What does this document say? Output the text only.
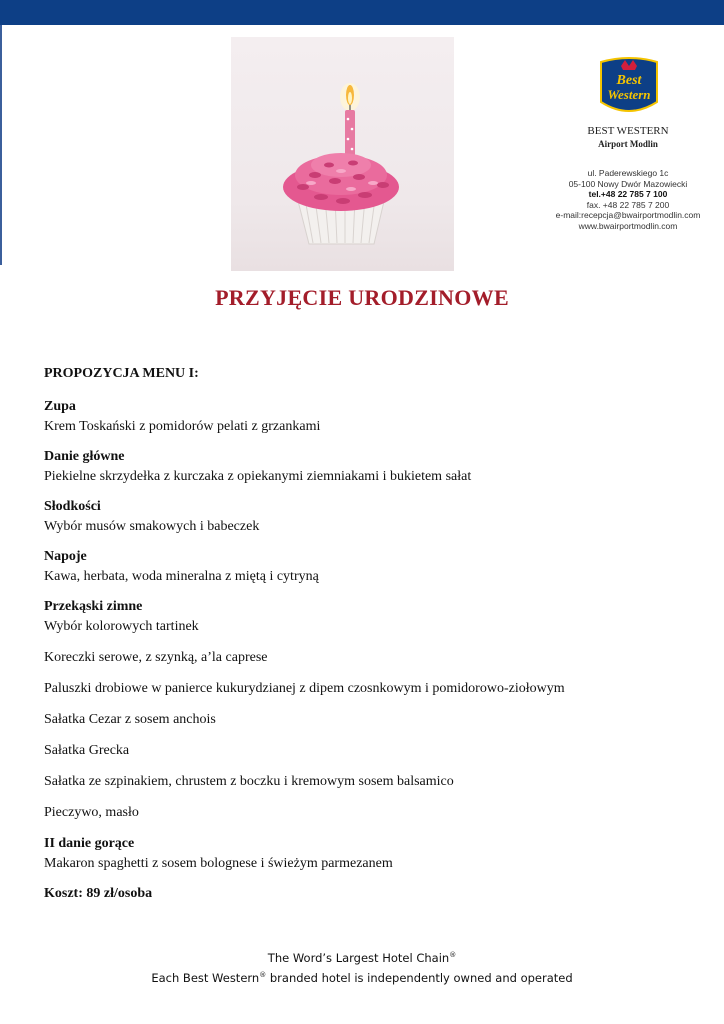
Best
Western
BEST WESTERN
Airport Modlin
ul. Paderewskiego 1c
05-100 Nowy Dwór Mazowiecki
tel.+48 22 785 7 100
fax. +48 22 785 7 200
e-mail:recepcja@bwairportmodlin.com
www.bwairportmodlin.com
PRZYJĘCIE URODZINOWE
PROPOZYCJA MENU I:
Zupa
Krem Toskański z pomidorów pelati z grzankami
Danie główne
Piekielne skrzydełka z kurczaka z opiekanymi ziemniakami i bukietem sałat
Słodkości
Wybór musów smakowych i babeczek
Napoje
Kawa, herbata, woda mineralna z miętą i cytryną
Przekąski zimne
Wybór kolorowych tartinek
Koreczki serowe, z szynką, a’la caprese
Paluszki drobiowe w panierce kukurydzianej z dipem czosnkowym i pomidorowo-ziołowym
Sałatka Cezar z sosem anchois
Sałatka Grecka
Sałatka ze szpinakiem, chrustem z boczku i kremowym sosem balsamico
Pieczywo, masło
II danie gorące
Makaron spaghetti z sosem bolognese i świeżym parmezanem
Koszt: 89 zł/osoba
The Word’s Largest Hotel Chain®
Each Best Western® branded hotel is independently owned and operated
